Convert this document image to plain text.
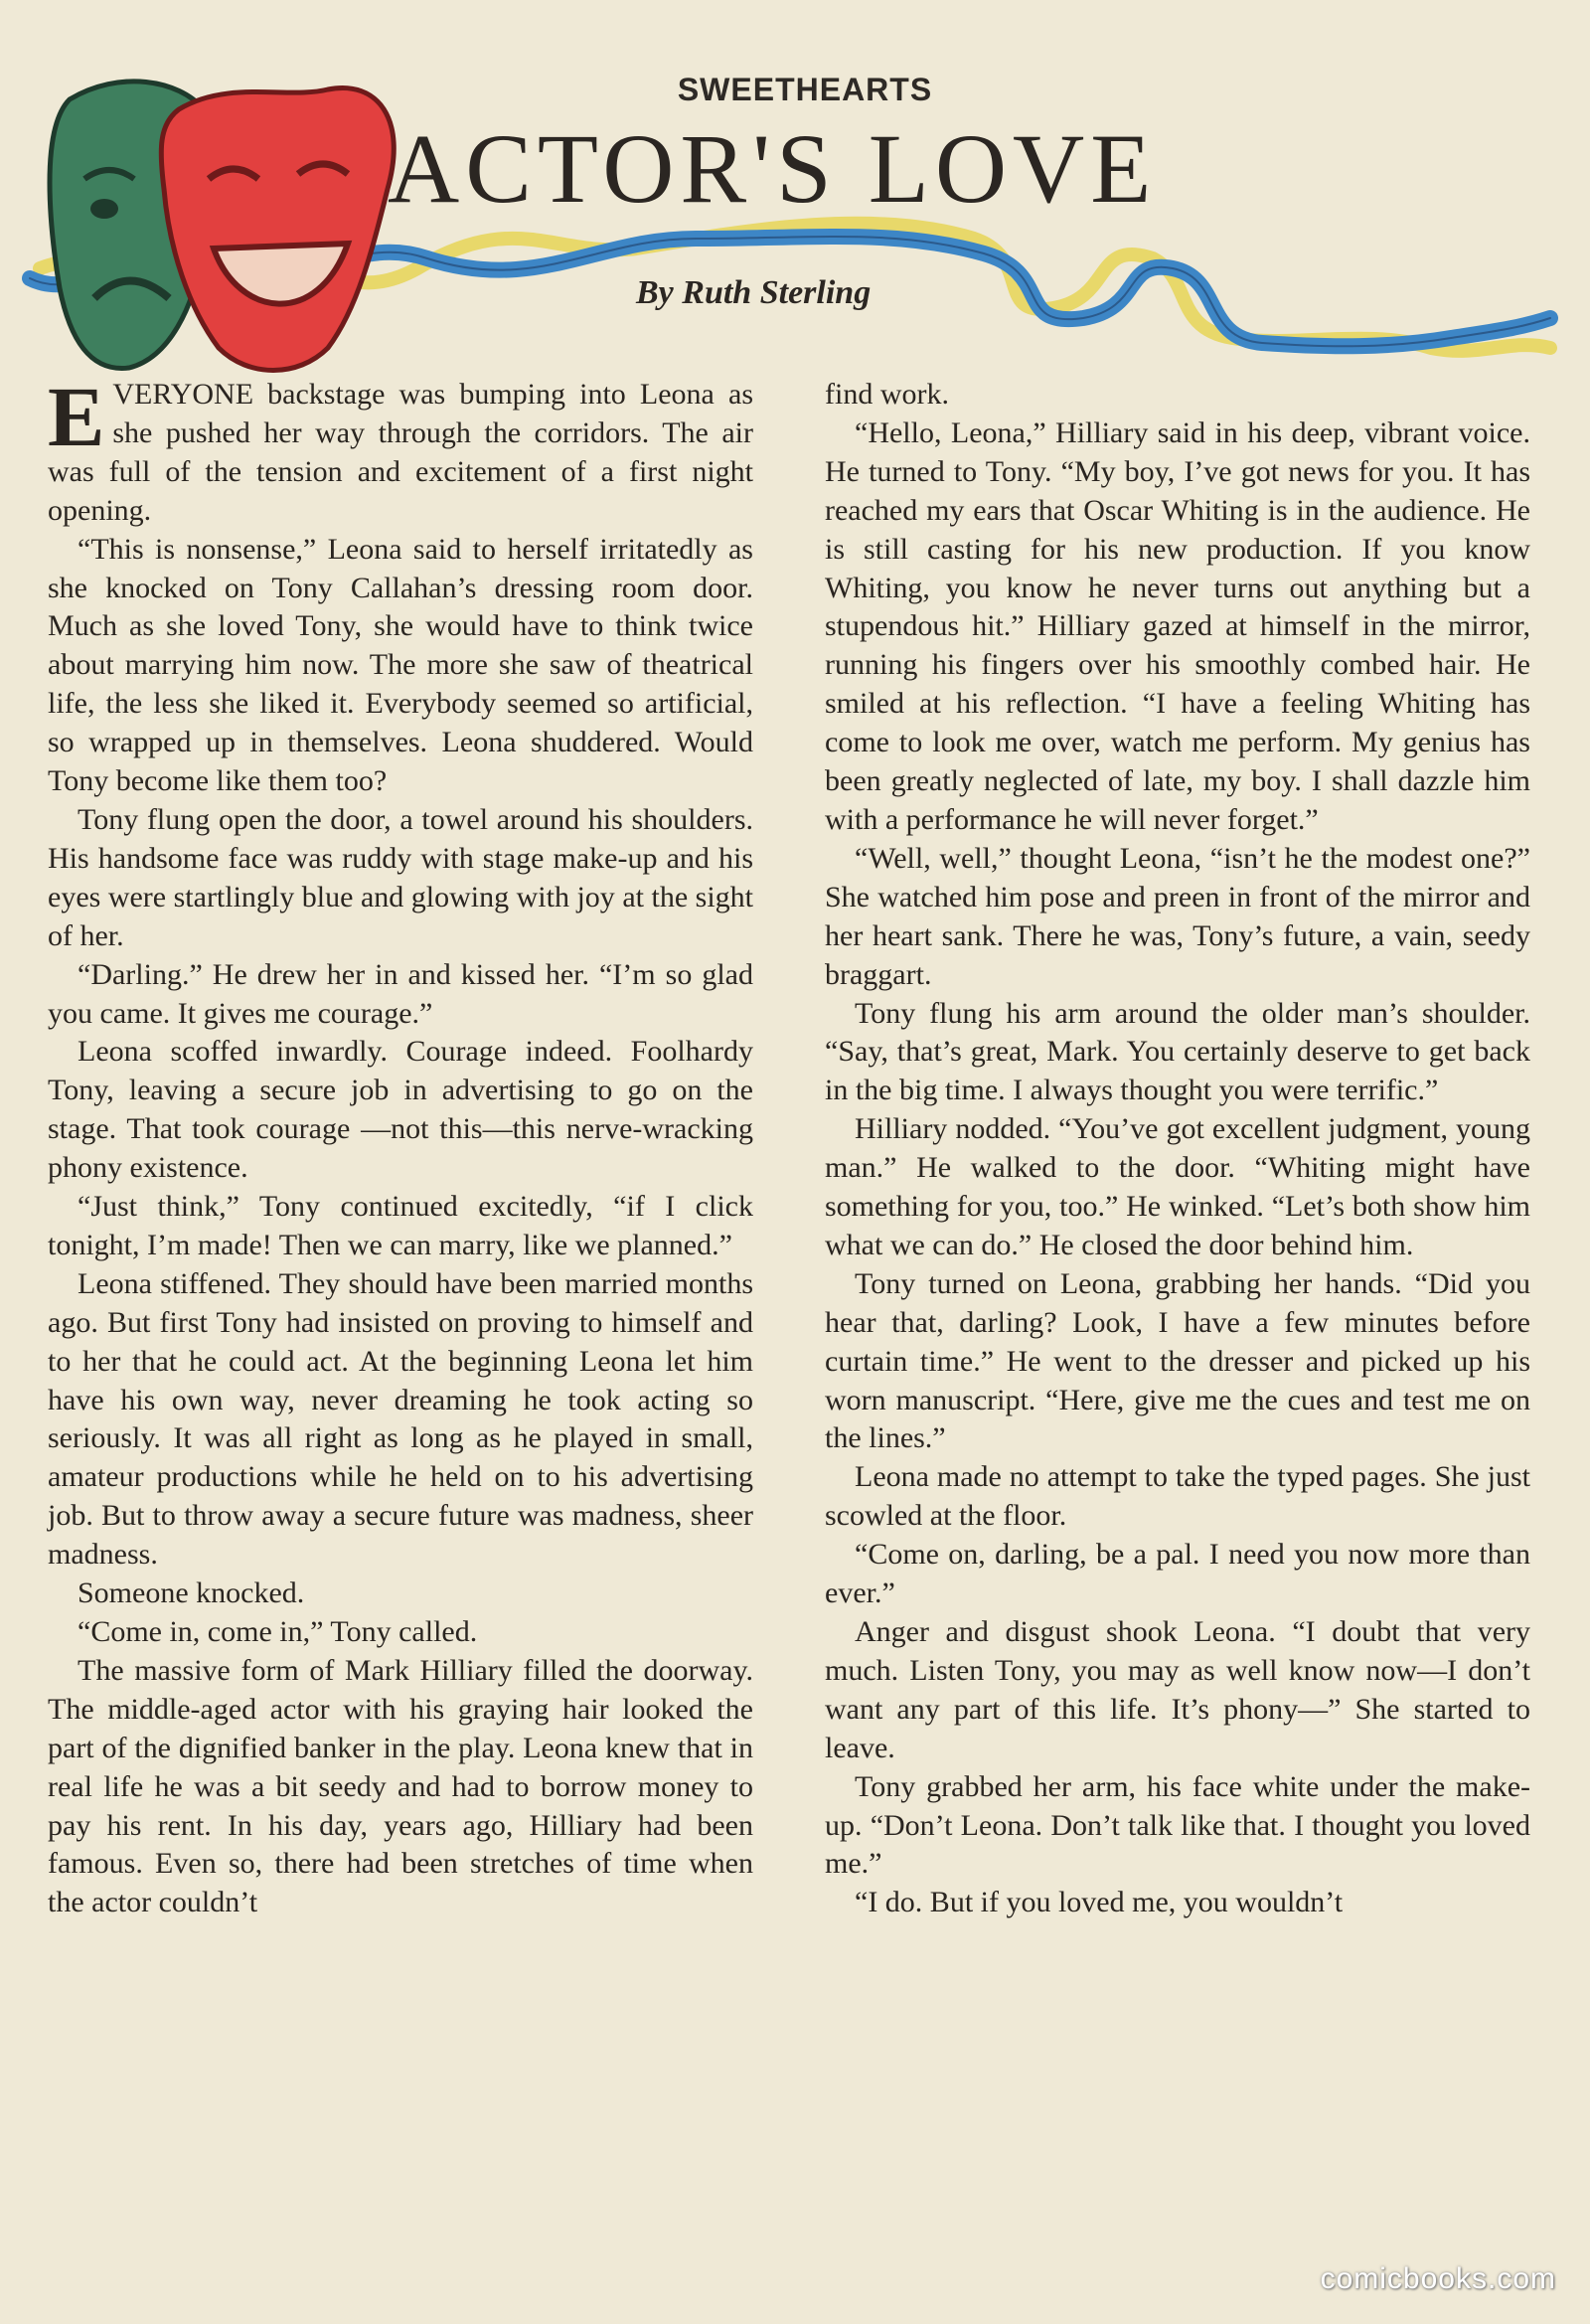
SWEETHEARTS
ACTOR'S LOVE
By Ruth Sterling

EVERYONE backstage was bumping into Leona as she pushed her way through the corridors. The air was full of the tension and excitement of a first night opening.

“This is nonsense,” Leona said to herself irritatedly as she knocked on Tony Callahan’s dressing room door. Much as she loved Tony, she would have to think twice about marrying him now. The more she saw of theatrical life, the less she liked it. Everybody seemed so artificial, so wrapped up in themselves. Leona shuddered. Would Tony become like them too?

Tony flung open the door, a towel around his shoulders. His handsome face was ruddy with stage make-up and his eyes were startlingly blue and glowing with joy at the sight of her.

“Darling.” He drew her in and kissed her. “I’m so glad you came. It gives me courage.”

Leona scoffed inwardly. Courage indeed. Foolhardy Tony, leaving a secure job in advertising to go on the stage. That took courage —not this—this nerve-wracking phony existence.

“Just think,” Tony continued excitedly, “if I click tonight, I’m made! Then we can marry, like we planned.”

Leona stiffened. They should have been married months ago. But first Tony had insisted on proving to himself and to her that he could act. At the beginning Leona let him have his own way, never dreaming he took acting so seriously. It was all right as long as he played in small, amateur productions while he held on to his advertising job. But to throw away a secure future was madness, sheer madness.

Someone knocked.

“Come in, come in,” Tony called.

The massive form of Mark Hilliary filled the doorway. The middle-aged actor with his graying hair looked the part of the dignified banker in the play. Leona knew that in real life he was a bit seedy and had to borrow money to pay his rent. In his day, years ago, Hilliary had been famous. Even so, there had been stretches of time when the actor couldn’t

find work.

“Hello, Leona,” Hilliary said in his deep, vibrant voice. He turned to Tony. “My boy, I’ve got news for you. It has reached my ears that Oscar Whiting is in the audience. He is still casting for his new production. If you know Whiting, you know he never turns out anything but a stupendous hit.” Hilliary gazed at himself in the mirror, running his fingers over his smoothly combed hair. He smiled at his reflection. “I have a feeling Whiting has come to look me over, watch me perform. My genius has been greatly neglected of late, my boy. I shall dazzle him with a performance he will never forget.”

“Well, well,” thought Leona, “isn’t he the modest one?” She watched him pose and preen in front of the mirror and her heart sank. There he was, Tony’s future, a vain, seedy braggart.

Tony flung his arm around the older man’s shoulder. “Say, that’s great, Mark. You certainly deserve to get back in the big time. I always thought you were terrific.”

Hilliary nodded. “You’ve got excellent judgment, young man.” He walked to the door. “Whiting might have something for you, too.” He winked. “Let’s both show him what we can do.” He closed the door behind him.

Tony turned on Leona, grabbing her hands. “Did you hear that, darling? Look, I have a few minutes before curtain time.” He went to the dresser and picked up his worn manuscript. “Here, give me the cues and test me on the lines.”

Leona made no attempt to take the typed pages. She just scowled at the floor.

“Come on, darling, be a pal. I need you now more than ever.”

Anger and disgust shook Leona. “I doubt that very much. Listen Tony, you may as well know now—I don’t want any part of this life. It’s phony—” She started to leave.

Tony grabbed her arm, his face white under the make-up. “Don’t Leona. Don’t talk like that. I thought you loved me.”

“I do. But if you loved me, you wouldn’t

comicbooks.com
